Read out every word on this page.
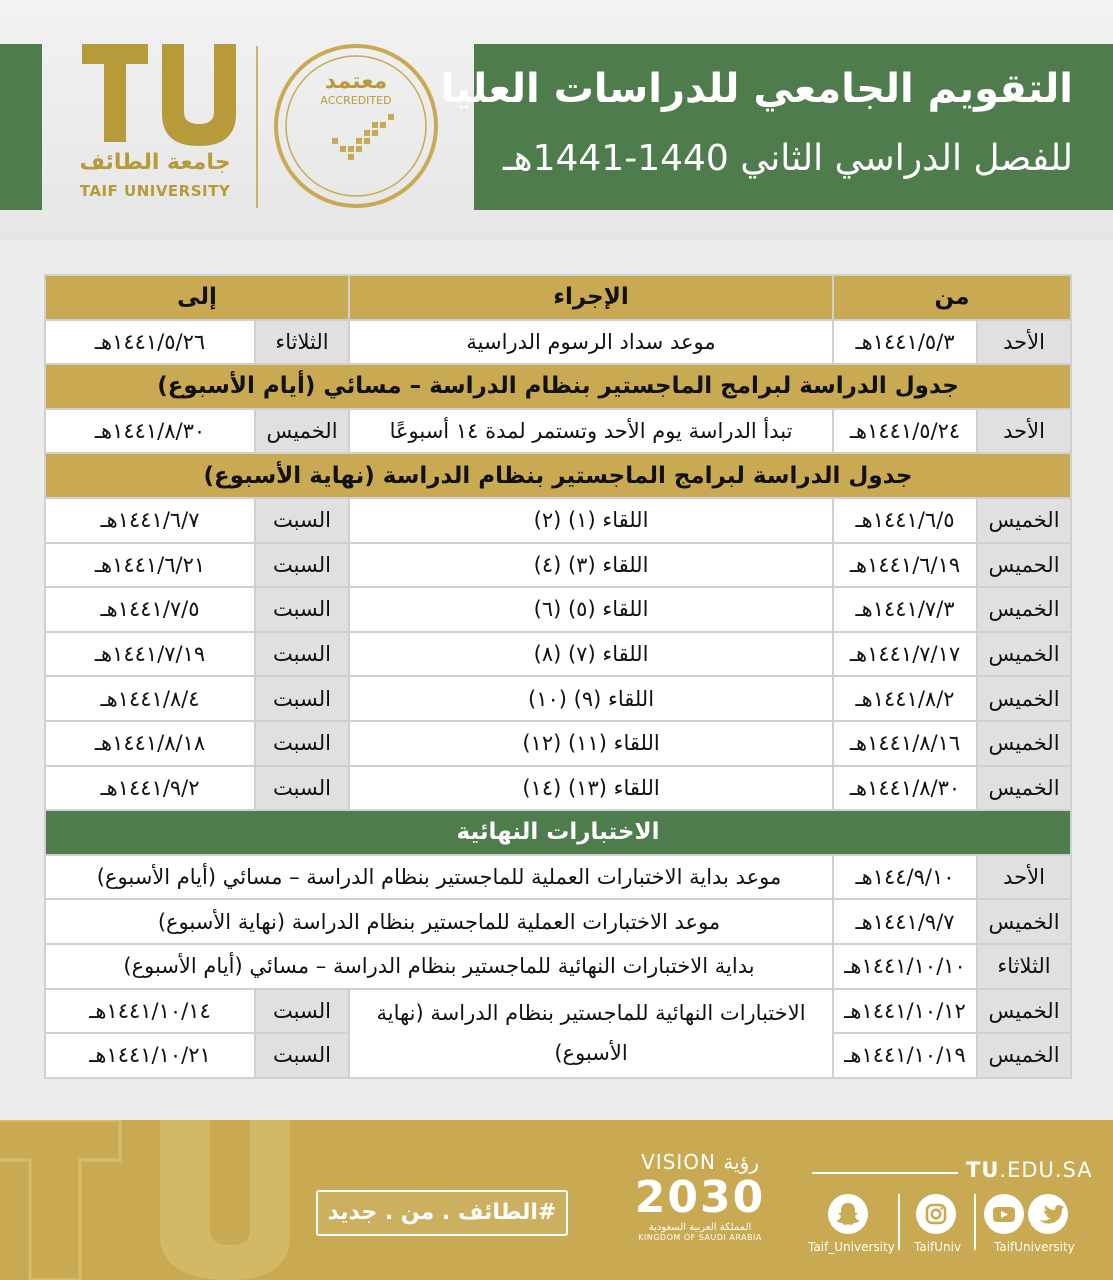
جامعة الطائف
TAIF UNIVERSITY
معتمد
ACCREDITED التقويم الجامعي للدراسات العليا
للفصل الدراسي الثاني 1440-1441هـ
من		الإجراء	إلى	
الأحد	١٤٤١/٥/٣هـ	موعد سداد الرسوم الدراسية	الثلاثاء	١٤٤١/٥/٢٦هـ
جدول الدراسة لبرامج الماجستير بنظام الدراسة – مسائي (أيام الأسبوع)				
الأحد	١٤٤١/٥/٢٤هـ	تبدأ الدراسة يوم الأحد وتستمر لمدة ١٤ أسبوعًا	الخميس	١٤٤١/٨/٣٠هـ
جدول الدراسة لبرامج الماجستير بنظام الدراسة (نهاية الأسبوع)				
الخميس	١٤٤١/٦/٥هـ	اللقاء (١) (٢)	السبت	١٤٤١/٦/٧هـ
الحميس	١٤٤١/٦/١٩هـ	اللقاء (٣) (٤)	السبت	١٤٤١/٦/٢١هـ
الخميس	١٤٤١/٧/٣هـ	اللقاء (٥) (٦)	السبت	١٤٤١/٧/٥هـ
الخميس	١٤٤١/٧/١٧هـ	اللقاء (٧) (٨)	السبت	١٤٤١/٧/١٩هـ
الخميس	١٤٤١/٨/٢هـ	اللقاء (٩) (١٠)	السبت	١٤٤١/٨/٤هـ
الخميس	١٤٤١/٨/١٦هـ	اللقاء (١١) (١٢)	السبت	١٤٤١/٨/١٨هـ
الخميس	١٤٤١/٨/٣٠هـ	اللقاء (١٣) (١٤)	السبت	١٤٤١/٩/٢هـ
الاختبارات النهائية				
الأحد	١٤٤/٩/١٠هـ	موعد بداية الاختبارات العملية للماجستير بنظام الدراسة – مسائي (أيام الأسبوع)		
الخميس	١٤٤١/٩/٧هـ	موعد الاختبارات العملية للماجستير بنظام الدراسة (نهاية الأسبوع)		
الثلاثاء	١٤٤١/١٠/١٠هـ	بداية الاختبارات النهائية للماجستير بنظام الدراسة – مسائي (أيام الأسبوع)		
الخميس	١٤٤١/١٠/١٢هـ	الاختبارات النهائية للماجستير بنظام الدراسة (نهاية الأسبوع)	السبت	١٤٤١/١٠/١٤هـ
الخميس	١٤٤١/١٠/١٩هـ		السبت	١٤٤١/١٠/٢١هـ
#الطائف . من . جديد
VISION رؤية
2030
المملكة العربية السعودية
KINGDOM OF SAUDI ARABIA
TU.EDU.SA
TaifUniversity
TaifUniv
Taif_University
